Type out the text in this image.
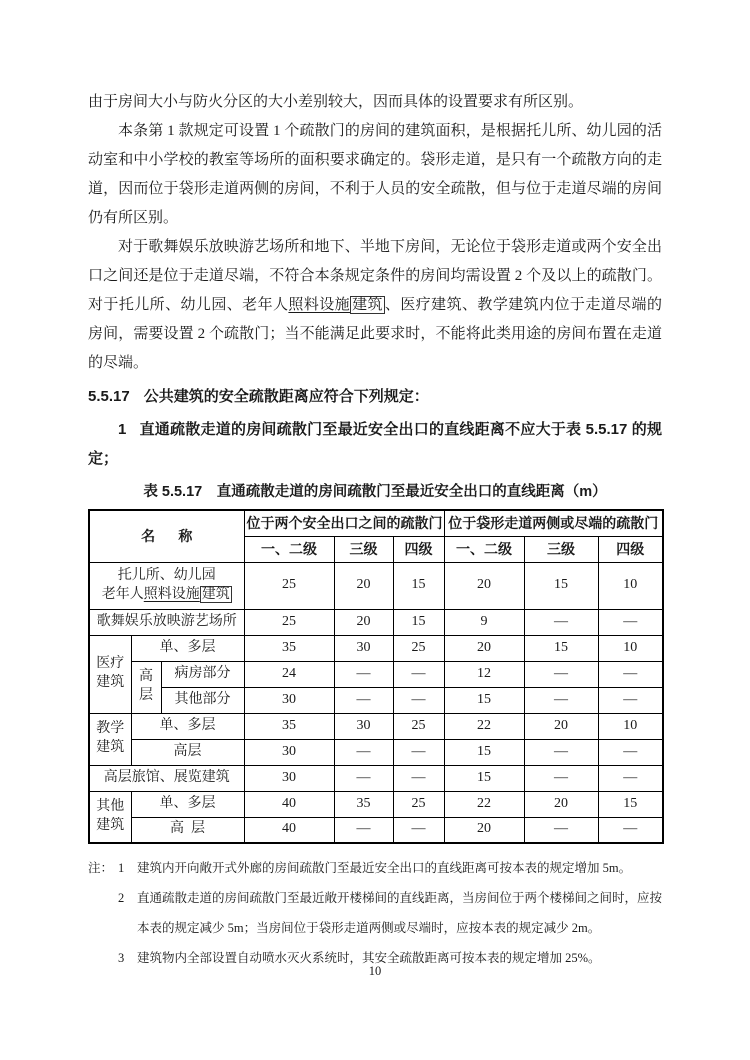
由于房间大小与防火分区的大小差别较大，因而具体的设置要求有所区别。

本条第 1 款规定可设置 1 个疏散门的房间的建筑面积，是根据托儿所、幼儿园的活动室和中小学校的教室等场所的面积要求确定的。袋形走道，是只有一个疏散方向的走道，因而位于袋形走道两侧的房间，不利于人员的安全疏散，但与位于走道尽端的房间仍有所区别。

对于歌舞娱乐放映游艺场所和地下、半地下房间，无论位于袋形走道或两个安全出口之间还是位于走道尽端，不符合本条规定条件的房间均需设置 2 个及以上的疏散门。对于托儿所、幼儿园、老年人照料设施 建筑 、医疗建筑、教学建筑内位于走道尽端的房间，需要设置 2 个疏散门；当不能满足此要求时，不能将此类用途的房间布置在走道的尽端。

5.5.17 公共建筑的安全疏散距离应符合下列规定：

1 直通疏散走道的房间疏散门至最近安全出口的直线距离不应大于表 5.5.17 的规定；

表 5.5.17　直通疏散走道的房间疏散门至最近安全出口的直线距离（m）
名      称			位于两个安全出口之间的疏散门			位于袋形走道两侧或尽端的疏散门		
			一、二级	三级	四级	一、二级	三级	四级

托儿所、幼儿园
老年人照料设施 建筑			25	20	15	20	15	10
歌舞娱乐放映游艺场所			25	20	15	9	—	—
医疗建筑	单、多层		35	30	25	20	15	10
	高层	病房部分	24	—	—	12	—	—
		其他部分	30	—	—	15	—	—
教学建筑	单、多层		35	30	25	22	20	10
	高层		30	—	—	15	—	—
高层旅馆、展览建筑			30	—	—	15	—	—
其他建筑	单、多层		40	35	25	22	20	15
	高  层		40	—	—	20	—	—
注： 1	建筑内开向敞开式外廊的房间疏散门至最近安全出口的直线距离可按本表的规定增加 5m。
2	直通疏散走道的房间疏散门至最近敞开楼梯间的直线距离，当房间位于两个楼梯间之间时，应按本表的规定减少 5m；当房间位于袋形走道两侧或尽端时，应按本表的规定减少 2m。
3	建筑物内全部设置自动喷水灭火系统时，其安全疏散距离可按本表的规定增加 25%。
10
